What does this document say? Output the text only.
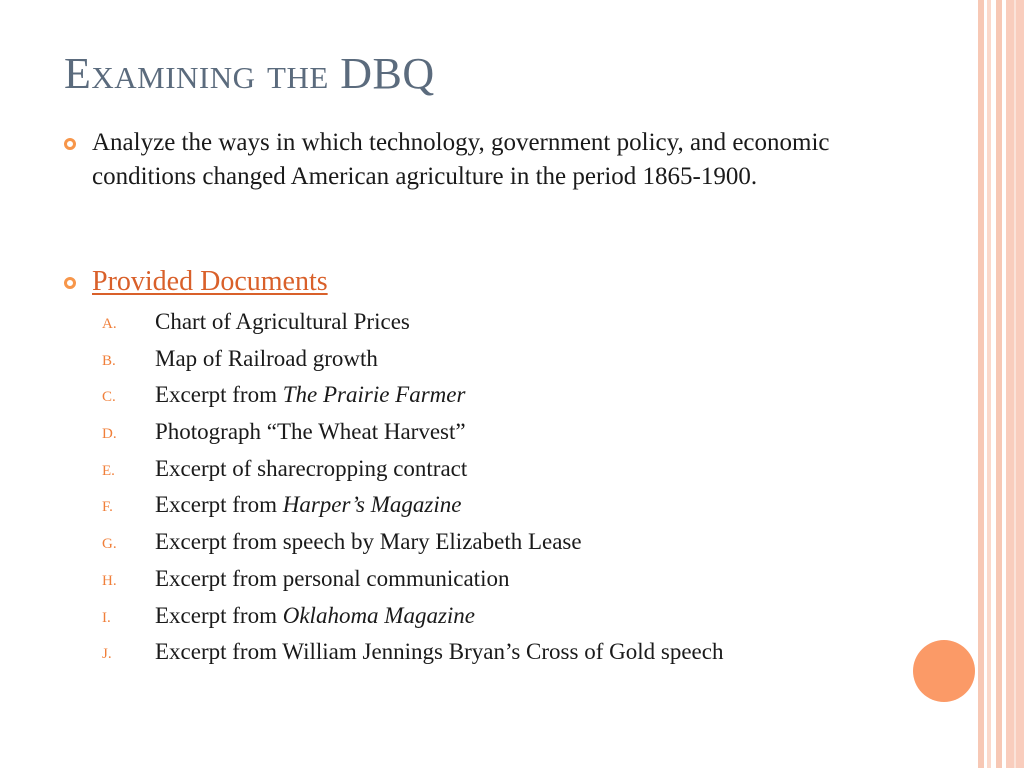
Examining the DBQ

Analyze the ways in which technology, government policy, and economic conditions changed American agriculture in the period 1865-1900.

Provided Documents
A. Chart of Agricultural Prices
B. Map of Railroad growth
C. Excerpt from The Prairie Farmer
D. Photograph “The Wheat Harvest”
E. Excerpt of sharecropping contract
F. Excerpt from Harper’s Magazine
G. Excerpt from speech by Mary Elizabeth Lease
H. Excerpt from personal communication
I. Excerpt from Oklahoma Magazine
J. Excerpt from William Jennings Bryan’s Cross of Gold speech
